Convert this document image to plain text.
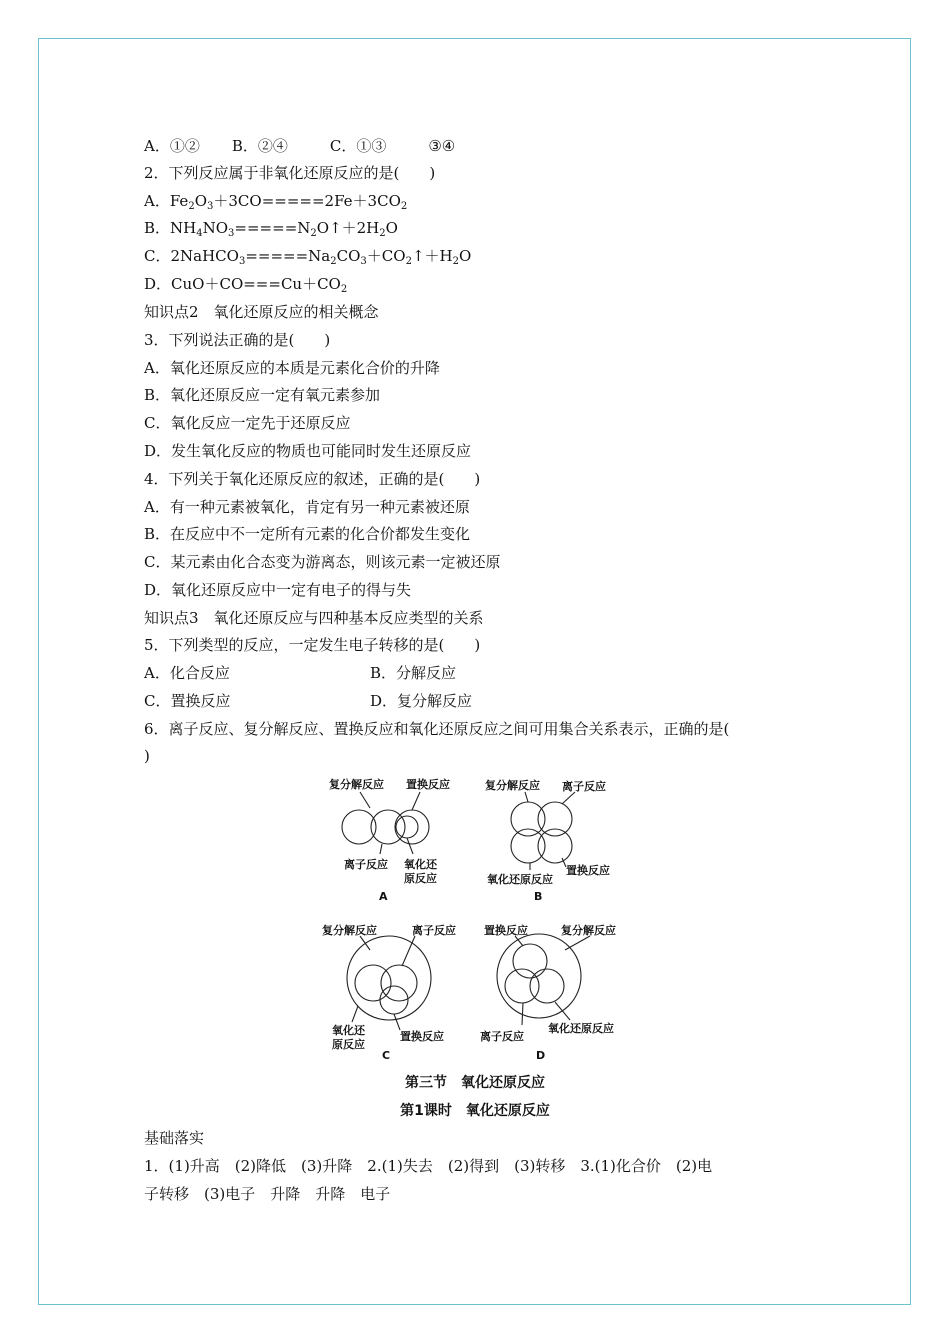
A．①② B．②④	C．①③	③④
2．下列反应属于非氧化还原反应的是(　　)
A．$Fe_2O_3+3CO=====2Fe+3CO_2$
B．$NH_4NO_3=====N_2O↑+2H_2O$
C．$2NaHCO_3=====Na_2CO_3+CO_2↑+H_2O$
D．$CuO+CO===Cu+CO_2$
知识点2　氧化还原反应的相关概念
3．下列说法正确的是(　　)
A．氧化还原反应的本质是元素化合价的升降
B．氧化还原反应一定有氧元素参加
C．氧化反应一定先于还原反应
D．发生氧化反应的物质也可能同时发生还原反应
4．下列关于氧化还原反应的叙述，正确的是(　　)
A．有一种元素被氧化，肯定有另一种元素被还原
B．在反应中不一定所有元素的化合价都发生变化
C．某元素由化合态变为游离态，则该元素一定被还原
D．氧化还原反应中一定有电子的得与失
知识点3　氧化还原反应与四种基本反应类型的关系
5．下列类型的反应，一定发生电子转移的是(　　)
A．化合反应	B．分解反应
C．置换反应	D．复分解反应
6．离子反应、复分解反应、置换反应和氧化还原反应之间可用集合关系表示，正确的是(
)
复分解反应 置换反应
离子反应 氧化还
原反应
A
复分解反应 离子反应
氧化还原反应
置换反应
B
复分解反应	离子反应
氧化还
原反应
置换反应
C
置换反应	复分解反应
离子反应
氧化还原反应
D
第三节　氧化还原反应
第1课时　氧化还原反应
基础落实
1．(1)升高　(2)降低　(3)升降　2.(1)失去　(2)得到　(3)转移　3.(1)化合价　(2)电
子转移　(3)电子　升降　升降　电子
